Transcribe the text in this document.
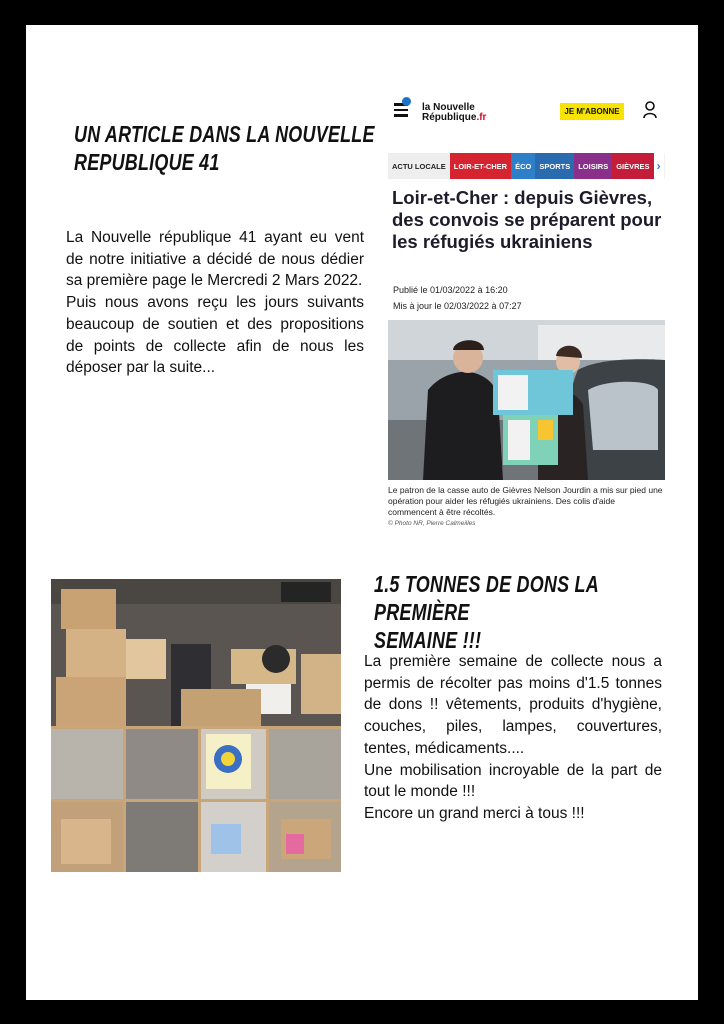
UN ARTICLE DANS LA NOUVELLE
REPUBLIQUE 41

La Nouvelle république 41 ayant eu vent de notre initiative a décidé de nous dédier sa première page le Mercredi 2 Mars 2022.

Puis nous avons reçu les jours suivants beaucoup de soutien et des propositions de points de collecte afin de nous les déposer par la suite...

la Nouvelle
République.fr
JE M'ABONNE
ACTU LOCALE	LOIR-ET-CHER	ÉCO	SPORTS	LOISIRS	GIÈVRES ›
Loir-et-Cher : depuis Gièvres, des convois se préparent pour les réfugiés ukrainiens
Publié le 01/03/2022 à 16:20
Mis à jour le 02/03/2022 à 07:27
Le patron de la casse auto de Gièvres Nelson Jourdin a mis sur pied une opération pour aider les réfugiés ukrainiens. Des colis d'aide commencent à être récoltés.
© Photo NR, Pierre Calmeilles
1.5 TONNES DE DONS LA PREMIÈRE
SEMAINE !!!

La première semaine de collecte nous a permis de récolter pas moins d'1.5 tonnes de dons !! vêtements, produits d'hygiène, couches, piles, lampes, couvertures, tentes, médicaments....

Une mobilisation incroyable de la part de tout le monde !!!

Encore un grand merci à tous !!!
